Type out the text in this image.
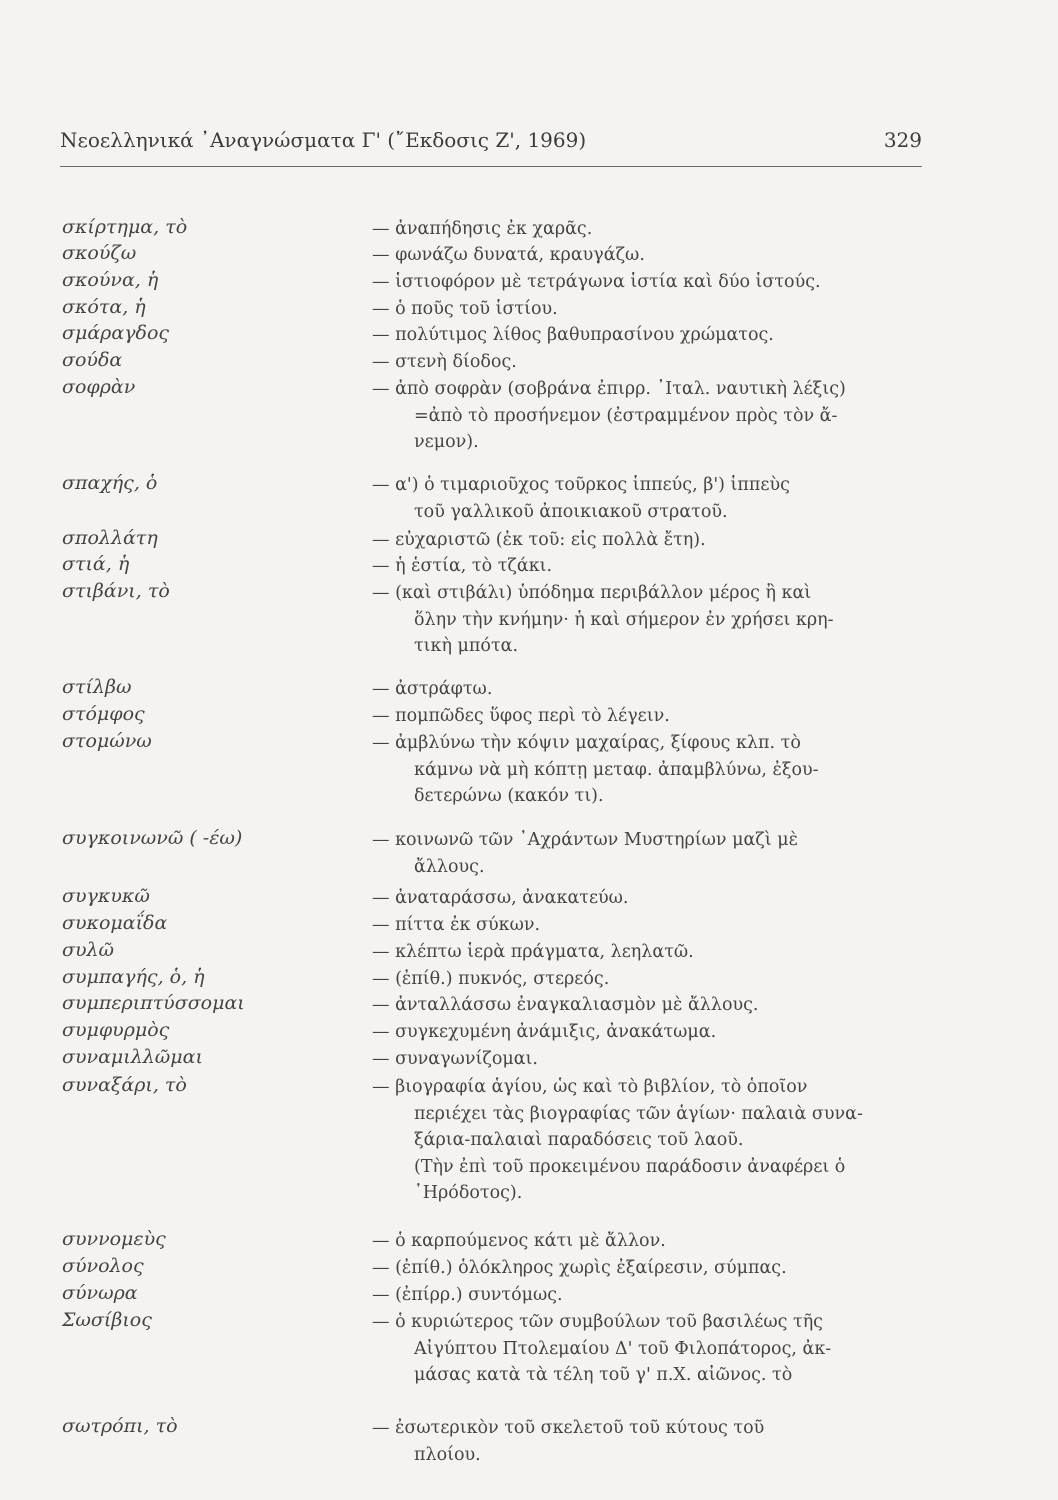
Νεοελληνικά ᾿Αναγνώσματα Γ' (῎Εκδοσις Ζ', 1969)	329
σκίρτημα, τὸ	— ἀναπήδησις ἐκ χαρᾶς.
σκούζω	— φωνάζω δυνατά, κραυγάζω.
σκούνα, ἡ	— ἱστιοφόρον μὲ τετράγωνα ἱστία καὶ δύο ἱστούς.
σκότα, ἡ	— ὁ ποῦς τοῦ ἱστίου.
σμάραγδος	— πολύτιμος λίθος βαθυπρασίνου χρώματος.
σούδα	— στενὴ δίοδος.
σοφρὰν	— ἀπὸ σοφρὰν (σοβράνα ἐπιρρ. ᾿Ιταλ. ναυτικὴ λέξις)
=ἀπὸ τὸ προσήνεμον (ἐστραμμένον πρὸς τὸν ἄ-
νεμον).
σπαχής, ὁ	— α') ὁ τιμαριοῦχος τοῦρκος ἱππεύς, β') ἱππεὺς
τοῦ γαλλικοῦ ἀποικιακοῦ στρατοῦ.
σπολλάτη	— εὐχαριστῶ (ἐκ τοῦ: εἰς πολλὰ ἔτη).
στιά, ἡ	— ἡ ἑστία, τὸ τζάκι.
στιβάνι, τὸ	— (καὶ στιβάλι) ὑπόδημα περιβάλλον μέρος ἢ καὶ
ὅλην τὴν κνήμην· ἡ καὶ σήμερον ἐν χρήσει κρη-
τικὴ μπότα.
στίλβω	— ἀστράφτω.
στόμφος	— πομπῶδες ὕφος περὶ τὸ λέγειν.
στομώνω	— ἀμβλύνω τὴν κόψιν μαχαίρας, ξίφους κλπ. τὸ
κάμνω νὰ μὴ κόπτῃ μεταφ. ἀπαμβλύνω, ἐξου-
δετερώνω (κακόν τι).
συγκοινωνῶ ( -έω)	— κοινωνῶ τῶν ᾿Αχράντων Μυστηρίων μαζὶ μὲ
ἄλλους.
συγκυκῶ	— ἀναταράσσω, ἀνακατεύω.
συκομαΐδα	— πίττα ἐκ σύκων.
συλῶ	— κλέπτω ἱερὰ πράγματα, λεηλατῶ.
συμπαγής, ὁ, ἡ	— (ἐπίθ.) πυκνός, στερεός.
συμπεριπτύσσομαι	— ἀνταλλάσσω ἐναγκαλιασμὸν μὲ ἄλλους.
συμφυρμὸς	— συγκεχυμένη ἀνάμιξις, ἀνακάτωμα.
συναμιλλῶμαι	— συναγωνίζομαι.
συναξάρι, τὸ	— βιογραφία ἁγίου, ὡς καὶ τὸ βιβλίον, τὸ ὁποῖον
περιέχει τὰς βιογραφίας τῶν ἁγίων· παλαιὰ συνα-
ξάρια-παλαιαὶ παραδόσεις τοῦ λαοῦ.
(Τὴν ἐπὶ τοῦ προκειμένου παράδοσιν ἀναφέρει ὁ
῾Ηρόδοτος).
συννομεὺς	— ὁ καρπούμενος κάτι μὲ ἄλλον.
σύνολος	— (ἐπίθ.) ὁλόκληρος χωρὶς ἐξαίρεσιν, σύμπας.
σύνωρα	— (ἐπίρρ.) συντόμως.
Σωσίβιος	— ὁ κυριώτερος τῶν συμβούλων τοῦ βασιλέως τῆς
Αἰγύπτου Πτολεμαίου Δ' τοῦ Φιλοπάτορος, ἀκ-
μάσας κατὰ τὰ τέλη τοῦ γ' π.Χ. αἰῶνος. τὸ
σωτρόπι, τὸ	— ἐσωτερικὸν τοῦ σκελετοῦ τοῦ κύτους τοῦ
πλοίου.
